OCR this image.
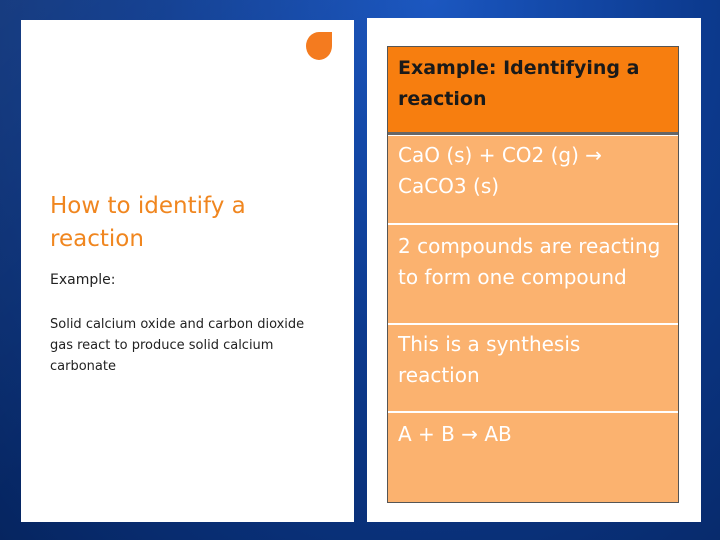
How to identify a reaction
Example:
Solid calcium oxide and carbon dioxide gas react to produce solid calcium carbonate
Example: Identifying a reaction
CaO (s) + CO2 (g) → CaCO3 (s)
2 compounds are reacting to form one compound
This is a synthesis reaction
A + B → AB
